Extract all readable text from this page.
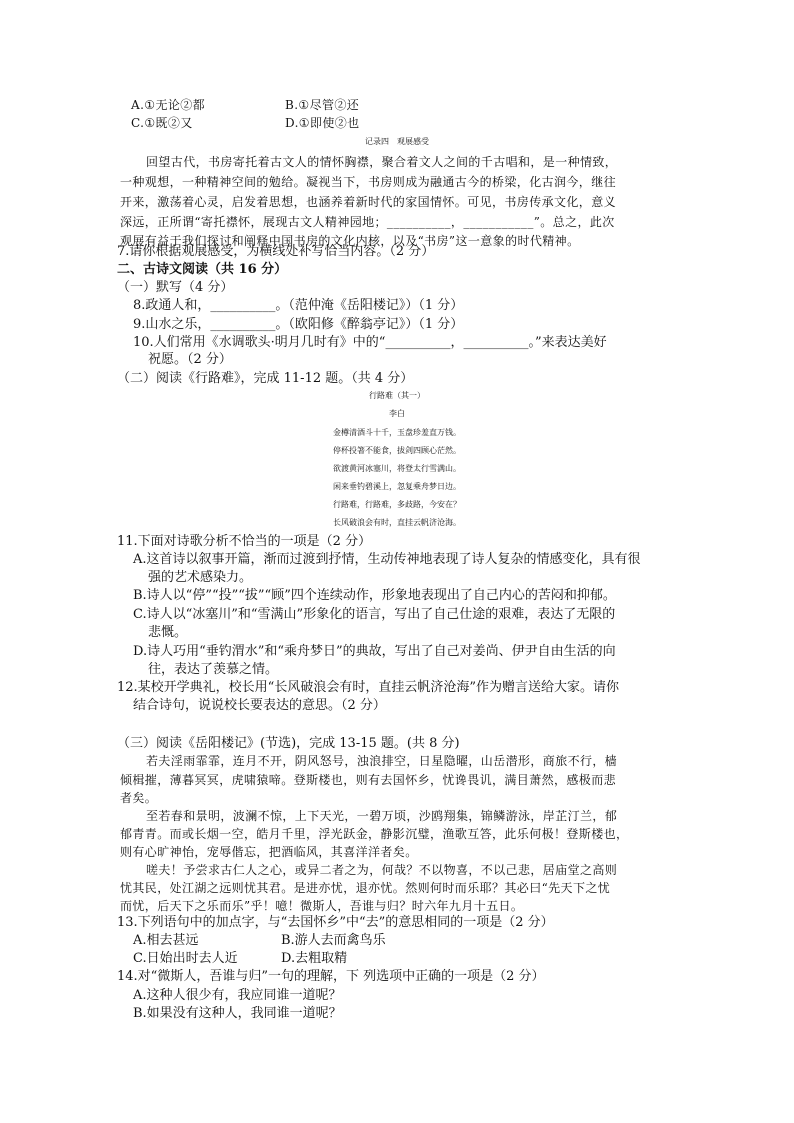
A.①无论②都	B.①尽管②还
C.①既②又	D.①即使②也
记录四　观展感受
回望古代，书房寄托着古文人的情怀胸襟，聚合着文人之间的千古唱和，是一种情致，
一种观想，一种精神空间的勉给。凝视当下，书房则成为融通古今的桥梁，化古润今，继往
开来，激荡着心灵，启发着思想，也涵养着新时代的家国情怀。可见，书房传承文化，意义
深远，正所谓“寄托襟怀，展现古文人精神园地；__________，___________”。总之，此次
观展有益于我们探讨和阐释中国书房的文化内核，以及“书房”这一意象的时代精神。
7.请你根据观展感受，为横线处补写恰当内容。（2 分）
二、古诗文阅读（共 16 分）
（一）默写（4 分）
8.政通人和，__________。（范仲淹《岳阳楼记》）（1 分）
9.山水之乐，__________。（欧阳修《醉翁亭记》）（1 分）
10.人们常用《水调歌头·明月几时有》中的“__________，__________。”来表达美好
祝愿。（2 分）
（二）阅读《行路难》，完成 11-12 题。（共 4 分）
行路难（其一）
李白
金樽清酒斗十千，玉盘珍羞直万钱。
停杯投箸不能食，拔剑四顾心茫然。
欲渡黄河冰塞川，将登太行雪满山。
闲来垂钓碧溪上，忽复乘舟梦日边。
行路难，行路难，多歧路，今安在？
长风破浪会有时，直挂云帆济沧海。
11.下面对诗歌分析不恰当的一项是（2 分）
A.这首诗以叙事开篇，渐而过渡到抒情，生动传神地表现了诗人复杂的情感变化，具有很
强的艺术感染力。
B.诗人以“停”“投”“拔”“顾”四个连续动作，形象地表现出了自己内心的苦闷和抑郁。
C.诗人以“冰塞川”和“雪满山”形象化的语言，写出了自己仕途的艰难，表达了无限的
悲慨。
D.诗人巧用“垂钓渭水”和“乘舟梦日”的典故，写出了自己对姜尚、伊尹自由生活的向
往，表达了羡慕之情。
12.某校开学典礼，校长用“长风破浪会有时，直挂云帆济沧海”作为赠言送给大家。请你
结合诗句，说说校长要表达的意思。（2 分）
（三）阅读《岳阳楼记》(节选)，完成 13-15 题。(共 8 分)
若夫淫雨霏霏，连月不开，阴风怒号，浊浪排空，日星隐曜，山岳潜形，商旅不行，樯
倾楫摧，薄暮冥冥，虎啸猿啼。登斯楼也，则有去国怀乡，忧谗畏讥，满目萧然，感极而悲
者矣。
至若春和景明，波澜不惊，上下天光，一碧万顷，沙鸥翔集，锦鳞游泳，岸芷汀兰，郁
郁青青。而或长烟一空，皓月千里，浮光跃金，静影沉璧，渔歌互答，此乐何极！登斯楼也，
则有心旷神怡，宠辱偕忘，把酒临风，其喜洋洋者矣。
嗟夫！予尝求古仁人之心，或异二者之为，何哉？不以物喜，不以己悲，居庙堂之高则
忧其民，处江湖之远则忧其君。是进亦忧，退亦忧。然则何时而乐耶？其必曰“先天下之忧
而忧，后天下之乐而乐”乎！噫！微斯人，吾谁与归？时六年九月十五日。
13.下列语句中的加点字，与“去国怀乡”中“去”的意思相同的一项是（2 分）
A.相去甚远	B.游人去而禽鸟乐
C.日始出时去人近	D.去粗取精
14.对“微斯人，吾谁与归”一句的理解，下 列选项中正确的一项是（2 分）
A.这种人很少有，我应同谁一道呢？
B.如果没有这种人，我同谁一道呢？
